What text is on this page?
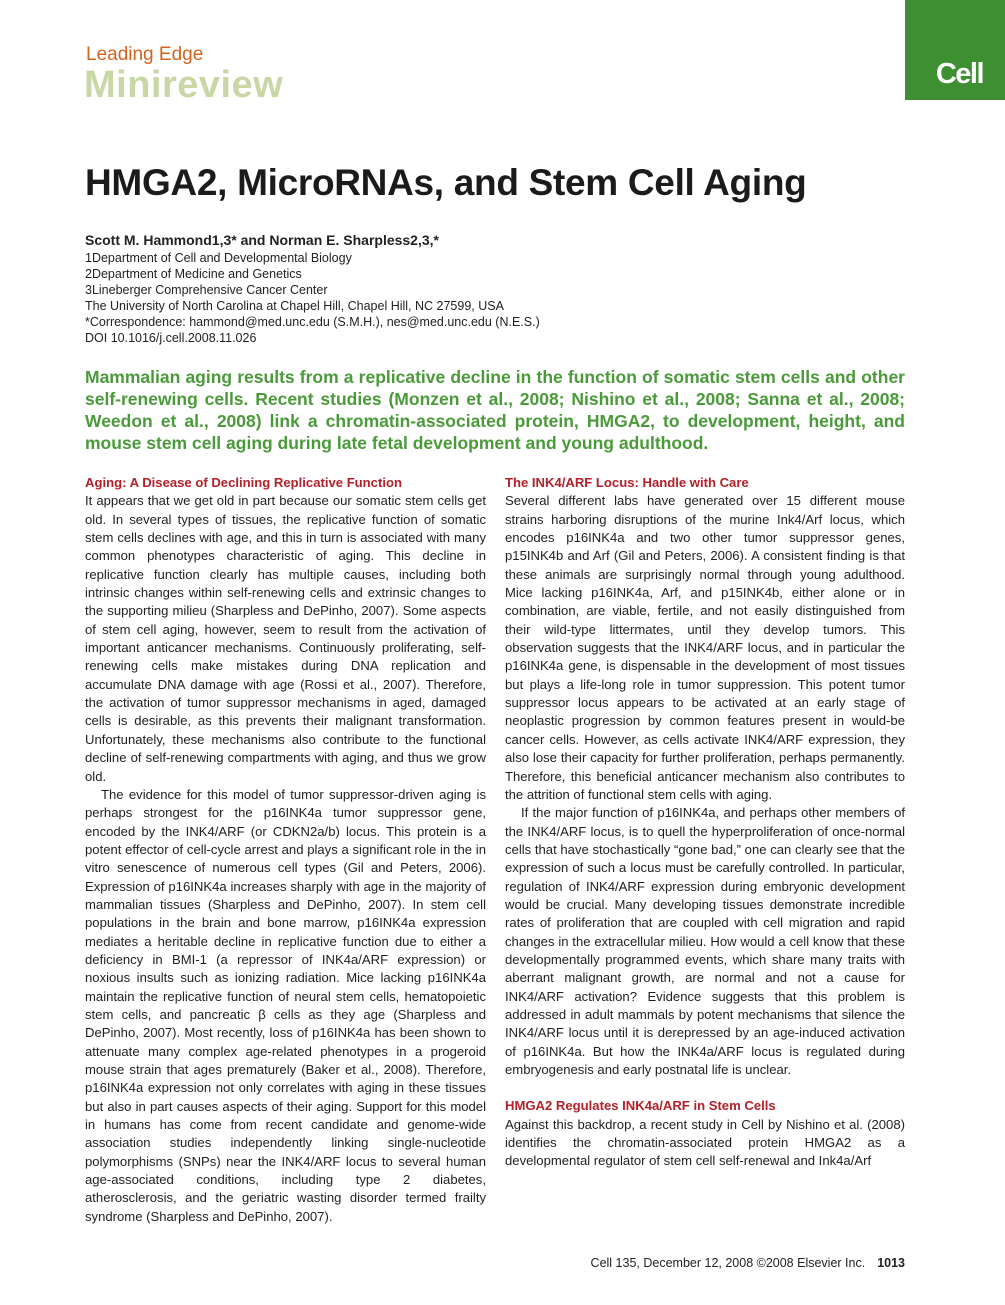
Leading Edge
Minireview	Cell
HMGA2, MicroRNAs, and Stem Cell Aging
Scott M. Hammond1,3* and Norman E. Sharpless2,3,*
1Department of Cell and Developmental Biology
2Department of Medicine and Genetics
3Lineberger Comprehensive Cancer Center
The University of North Carolina at Chapel Hill, Chapel Hill, NC 27599, USA
*Correspondence: hammond@med.unc.edu (S.M.H.), nes@med.unc.edu (N.E.S.)
DOI 10.1016/j.cell.2008.11.026
Mammalian aging results from a replicative decline in the function of somatic stem cells and other self-renewing cells. Recent studies (Monzen et al., 2008; Nishino et al., 2008; Sanna et al., 2008; Weedon et al., 2008) link a chromatin-associated protein, HMGA2, to development, height, and mouse stem cell aging during late fetal development and young adulthood.
Aging: A Disease of Declining Replicative Function

It appears that we get old in part because our somatic stem cells get old. In several types of tissues, the replicative function of somatic stem cells declines with age, and this in turn is associated with many common phenotypes characteristic of aging. This decline in replicative function clearly has multiple causes, including both intrinsic changes within self-renewing cells and extrinsic changes to the supporting milieu (Sharpless and DePinho, 2007). Some aspects of stem cell aging, however, seem to result from the activation of important anticancer mechanisms. Continuously proliferating, self-renewing cells make mistakes during DNA replication and accumulate DNA damage with age (Rossi et al., 2007). Therefore, the activation of tumor suppressor mechanisms in aged, damaged cells is desirable, as this prevents their malignant transformation. Unfortunately, these mechanisms also contribute to the functional decline of self-renewing compartments with aging, and thus we grow old.

The evidence for this model of tumor suppressor-driven aging is perhaps strongest for the p16INK4a tumor suppressor gene, encoded by the INK4/ARF (or CDKN2a/b) locus. This protein is a potent effector of cell-cycle arrest and plays a significant role in the in vitro senescence of numerous cell types (Gil and Peters, 2006). Expression of p16INK4a increases sharply with age in the majority of mammalian tissues (Sharpless and DePinho, 2007). In stem cell populations in the brain and bone marrow, p16INK4a expression mediates a heritable decline in replicative function due to either a deficiency in BMI-1 (a repressor of INK4a/ARF expression) or noxious insults such as ionizing radiation. Mice lacking p16INK4a maintain the replicative function of neural stem cells, hematopoietic stem cells, and pancreatic β cells as they age (Sharpless and DePinho, 2007). Most recently, loss of p16INK4a has been shown to attenuate many complex age-related phenotypes in a progeroid mouse strain that ages prematurely (Baker et al., 2008). Therefore, p16INK4a expression not only correlates with aging in these tissues but also in part causes aspects of their aging. Support for this model in humans has come from recent candidate and genome-wide association studies independently linking single-nucleotide polymorphisms (SNPs) near the INK4/ARF locus to several human age-associated conditions, including type 2 diabetes, atherosclerosis, and the geriatric wasting disorder termed frailty syndrome (Sharpless and DePinho, 2007).

The INK4/ARF Locus: Handle with Care

Several different labs have generated over 15 different mouse strains harboring disruptions of the murine Ink4/Arf locus, which encodes p16INK4a and two other tumor suppressor genes, p15INK4b and Arf (Gil and Peters, 2006). A consistent finding is that these animals are surprisingly normal through young adulthood. Mice lacking p16INK4a, Arf, and p15INK4b, either alone or in combination, are viable, fertile, and not easily distinguished from their wild-type littermates, until they develop tumors. This observation suggests that the INK4/ARF locus, and in particular the p16INK4a gene, is dispensable in the development of most tissues but plays a life-long role in tumor suppression. This potent tumor suppressor locus appears to be activated at an early stage of neoplastic progression by common features present in would-be cancer cells. However, as cells activate INK4/ARF expression, they also lose their capacity for further proliferation, perhaps permanently. Therefore, this beneficial anticancer mechanism also contributes to the attrition of functional stem cells with aging.

If the major function of p16INK4a, and perhaps other members of the INK4/ARF locus, is to quell the hyperproliferation of once-normal cells that have stochastically “gone bad,” one can clearly see that the expression of such a locus must be carefully controlled. In particular, regulation of INK4/ARF expression during embryonic development would be crucial. Many developing tissues demonstrate incredible rates of proliferation that are coupled with cell migration and rapid changes in the extracellular milieu. How would a cell know that these developmentally programmed events, which share many traits with aberrant malignant growth, are normal and not a cause for INK4/ARF activation? Evidence suggests that this problem is addressed in adult mammals by potent mechanisms that silence the INK4/ARF locus until it is derepressed by an age-induced activation of p16INK4a. But how the INK4a/ARF locus is regulated during embryogenesis and early postnatal life is unclear.

HMGA2 Regulates INK4a/ARF in Stem Cells

Against this backdrop, a recent study in Cell by Nishino et al. (2008) identifies the chromatin-associated protein HMGA2 as a developmental regulator of stem cell self-renewal and Ink4a/Arf

Cell 135, December 12, 2008 ©2008 Elsevier Inc. 1013
